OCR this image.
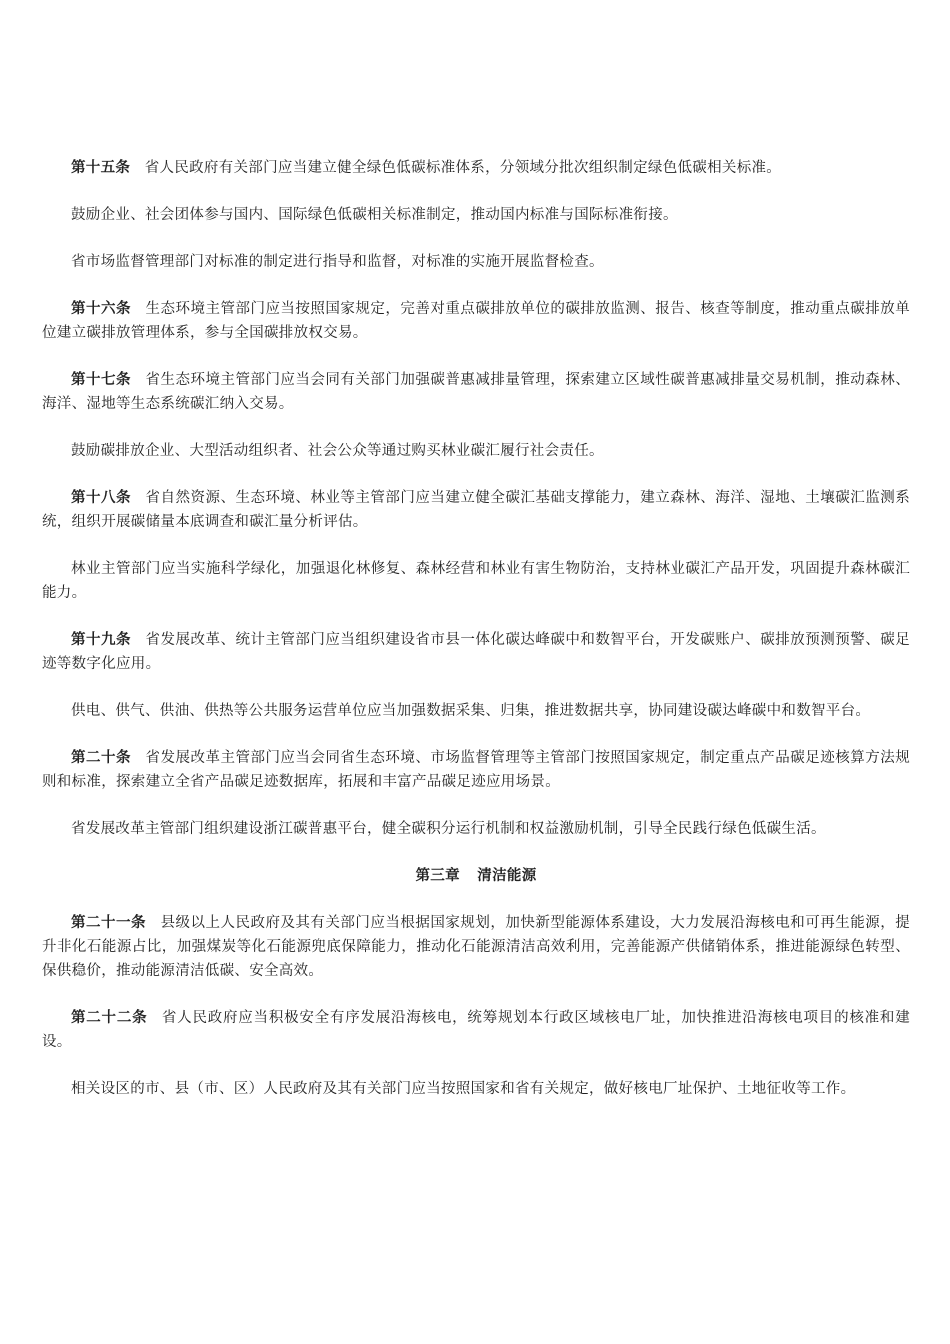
第十五条 省人民政府有关部门应当建立健全绿色低碳标准体系，分领域分批次组织制定绿色低碳相关标准。

鼓励企业、社会团体参与国内、国际绿色低碳相关标准制定，推动国内标准与国际标准衔接。

省市场监督管理部门对标准的制定进行指导和监督，对标准的实施开展监督检查。

第十六条 生态环境主管部门应当按照国家规定，完善对重点碳排放单位的碳排放监测、报告、核查等制度，推动重点碳排放单位建立碳排放管理体系，参与全国碳排放权交易。

第十七条 省生态环境主管部门应当会同有关部门加强碳普惠减排量管理，探索建立区域性碳普惠减排量交易机制，推动森林、海洋、湿地等生态系统碳汇纳入交易。

鼓励碳排放企业、大型活动组织者、社会公众等通过购买林业碳汇履行社会责任。

第十八条 省自然资源、生态环境、林业等主管部门应当建立健全碳汇基础支撑能力，建立森林、海洋、湿地、土壤碳汇监测系统，组织开展碳储量本底调查和碳汇量分析评估。

林业主管部门应当实施科学绿化，加强退化林修复、森林经营和林业有害生物防治，支持林业碳汇产品开发，巩固提升森林碳汇能力。

第十九条 省发展改革、统计主管部门应当组织建设省市县一体化碳达峰碳中和数智平台，开发碳账户、碳排放预测预警、碳足迹等数字化应用。

供电、供气、供油、供热等公共服务运营单位应当加强数据采集、归集，推进数据共享，协同建设碳达峰碳中和数智平台。

第二十条 省发展改革主管部门应当会同省生态环境、市场监督管理等主管部门按照国家规定，制定重点产品碳足迹核算方法规则和标准，探索建立全省产品碳足迹数据库，拓展和丰富产品碳足迹应用场景。

省发展改革主管部门组织建设浙江碳普惠平台，健全碳积分运行机制和权益激励机制，引导全民践行绿色低碳生活。

第三章 清洁能源

第二十一条 县级以上人民政府及其有关部门应当根据国家规划，加快新型能源体系建设，大力发展沿海核电和可再生能源，提升非化石能源占比，加强煤炭等化石能源兜底保障能力，推动化石能源清洁高效利用，完善能源产供储销体系，推进能源绿色转型、保供稳价，推动能源清洁低碳、安全高效。

第二十二条 省人民政府应当积极安全有序发展沿海核电，统筹规划本行政区域核电厂址，加快推进沿海核电项目的核准和建设。

相关设区的市、县（市、区）人民政府及其有关部门应当按照国家和省有关规定，做好核电厂址保护、土地征收等工作。
